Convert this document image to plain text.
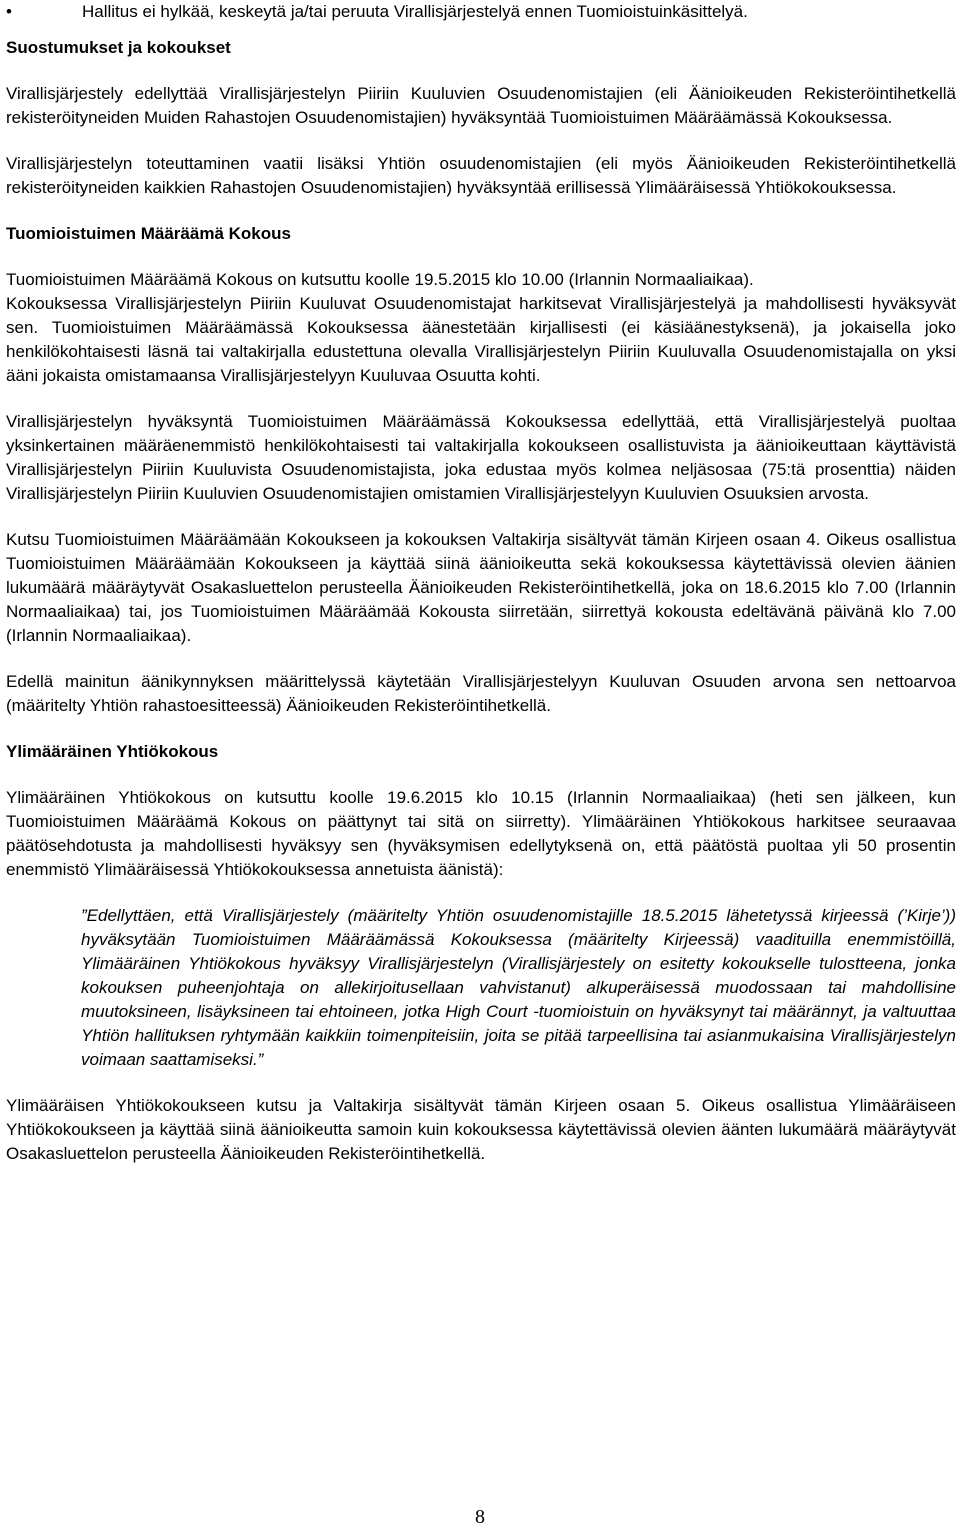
•	Hallitus ei hylkää, keskeytä ja/tai peruuta Virallisjärjestelyä ennen Tuomioistuinkäsittelyä.
Suostumukset ja kokoukset

Virallisjärjestely edellyttää Virallisjärjestelyn Piiriin Kuuluvien Osuudenomistajien (eli Äänioikeuden Rekisteröintihetkellä rekisteröityneiden Muiden Rahastojen Osuudenomistajien) hyväksyntää Tuomioistuimen Määräämässä Kokouksessa.

Virallisjärjestelyn toteuttaminen vaatii lisäksi Yhtiön osuudenomistajien (eli myös Äänioikeuden Rekisteröintihetkellä rekisteröityneiden kaikkien Rahastojen Osuudenomistajien) hyväksyntää erillisessä Ylimääräisessä Yhtiökokouksessa.

Tuomioistuimen Määräämä Kokous

Tuomioistuimen Määräämä Kokous on kutsuttu koolle 19.5.2015 klo 10.00 (Irlannin Normaaliaikaa).

Kokouksessa Virallisjärjestelyn Piiriin Kuuluvat Osuudenomistajat harkitsevat Virallisjärjestelyä ja mahdollisesti hyväksyvät sen. Tuomioistuimen Määräämässä Kokouksessa äänestetään kirjallisesti (ei käsiäänestyksenä), ja jokaisella joko henkilökohtaisesti läsnä tai valtakirjalla edustettuna olevalla Virallisjärjestelyn Piiriin Kuuluvalla Osuudenomistajalla on yksi ääni jokaista omistamaansa Virallisjärjestelyyn Kuuluvaa Osuutta kohti.

Virallisjärjestelyn hyväksyntä Tuomioistuimen Määräämässä Kokouksessa edellyttää, että Virallisjärjestelyä puoltaa yksinkertainen määräenemmistö henkilökohtaisesti tai valtakirjalla kokoukseen osallistuvista ja äänioikeuttaan käyttävistä Virallisjärjestelyn Piiriin Kuuluvista Osuudenomistajista, joka edustaa myös kolmea neljäsosaa (75:tä prosenttia) näiden Virallisjärjestelyn Piiriin Kuuluvien Osuudenomistajien omistamien Virallisjärjestelyyn Kuuluvien Osuuksien arvosta.

Kutsu Tuomioistuimen Määräämään Kokoukseen ja kokouksen Valtakirja sisältyvät tämän Kirjeen osaan 4. Oikeus osallistua Tuomioistuimen Määräämään Kokoukseen ja käyttää siinä äänioikeutta sekä kokouksessa käytettävissä olevien äänien lukumäärä määräytyvät Osakasluettelon perusteella Äänioikeuden Rekisteröintihetkellä, joka on 18.6.2015 klo 7.00 (Irlannin Normaaliaikaa) tai, jos Tuomioistuimen Määräämää Kokousta siirretään, siirrettyä kokousta edeltävänä päivänä klo 7.00 (Irlannin Normaaliaikaa).

Edellä mainitun äänikynnyksen määrittelyssä käytetään Virallisjärjestelyyn Kuuluvan Osuuden arvona sen nettoarvoa (määritelty Yhtiön rahastoesitteessä) Äänioikeuden Rekisteröintihetkellä.

Ylimääräinen Yhtiökokous

Ylimääräinen Yhtiökokous on kutsuttu koolle 19.6.2015 klo 10.15 (Irlannin Normaaliaikaa) (heti sen jälkeen, kun Tuomioistuimen Määräämä Kokous on päättynyt tai sitä on siirretty). Ylimääräinen Yhtiökokous harkitsee seuraavaa päätösehdotusta ja mahdollisesti hyväksyy sen (hyväksymisen edellytyksenä on, että päätöstä puoltaa yli 50 prosentin enemmistö Ylimääräisessä Yhtiökokouksessa annetuista äänistä):

”Edellyttäen, että Virallisjärjestely (määritelty Yhtiön osuudenomistajille 18.5.2015 lähetetyssä kirjeessä (’Kirje’)) hyväksytään Tuomioistuimen Määräämässä Kokouksessa (määritelty Kirjeessä) vaadituilla enemmistöillä, Ylimääräinen Yhtiökokous hyväksyy Virallisjärjestelyn (Virallisjärjestely on esitetty kokoukselle tulostteena, jonka kokouksen puheenjohtaja on allekirjoitusellaan vahvistanut) alkuperäisessä muodossaan tai mahdollisine muutoksineen, lisäyksineen tai ehtoineen, jotka High Court -tuomioistuin on hyväksynyt tai määrännyt, ja valtuuttaa Yhtiön hallituksen ryhtymään kaikkiin toimenpiteisiin, joita se pitää tarpeellisina tai asianmukaisina Virallisjärjestelyn voimaan saattamiseksi.”

Ylimääräisen Yhtiökokoukseen kutsu ja Valtakirja sisältyvät tämän Kirjeen osaan 5. Oikeus osallistua Ylimääräiseen Yhtiökokoukseen ja käyttää siinä äänioikeutta samoin kuin kokouksessa käytettävissä olevien äänten lukumäärä määräytyvät Osakasluettelon perusteella Äänioikeuden Rekisteröintihetkellä.

8
